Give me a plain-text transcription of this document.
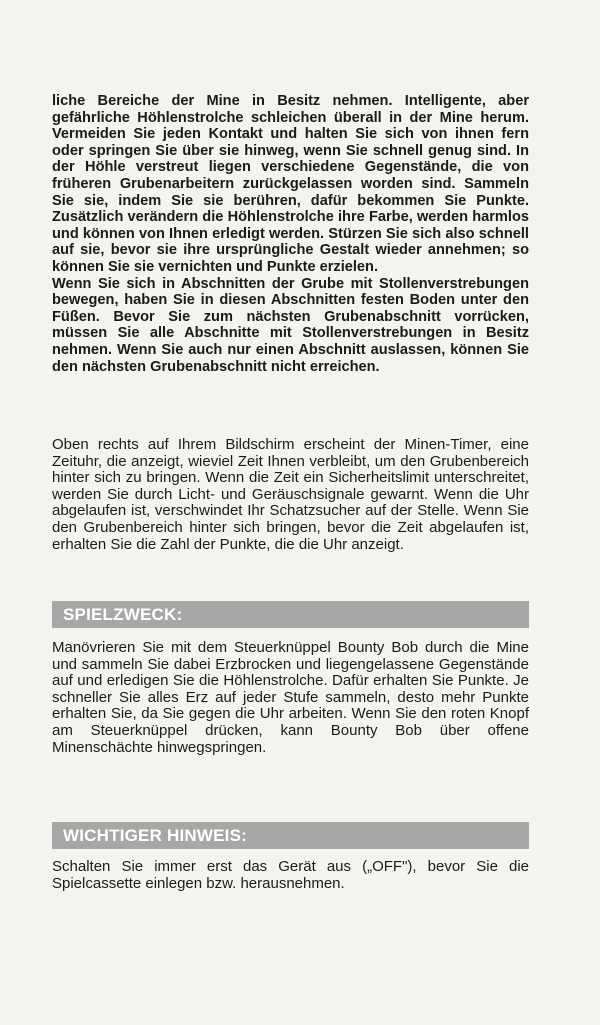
liche Bereiche der Mine in Besitz nehmen. Intelligente, aber gefährliche Höhlenstrolche schleichen überall in der Mine herum. Vermeiden Sie jeden Kontakt und halten Sie sich von ihnen fern oder springen Sie über sie hinweg, wenn Sie schnell genug sind. In der Höhle verstreut liegen verschiedene Gegenstände, die von früheren Grubenarbeitern zurückgelassen worden sind. Sammeln Sie sie, indem Sie sie berühren, dafür bekommen Sie Punkte. Zusätzlich verändern die Höhlenstrolche ihre Farbe, werden harmlos und können von Ihnen erledigt werden. Stürzen Sie sich also schnell auf sie, bevor sie ihre ursprüngliche Gestalt wieder annehmen; so können Sie sie vernichten und Punkte erzielen.

Wenn Sie sich in Abschnitten der Grube mit Stollenverstrebungen bewegen, haben Sie in diesen Abschnitten festen Boden unter den Füßen. Bevor Sie zum nächsten Grubenabschnitt vorrücken, müssen Sie alle Abschnitte mit Stollenverstrebungen in Besitz nehmen. Wenn Sie auch nur einen Abschnitt auslassen, können Sie den nächsten Grubenabschnitt nicht erreichen.

Oben rechts auf Ihrem Bildschirm erscheint der Minen-Timer, eine Zeituhr, die anzeigt, wieviel Zeit Ihnen verbleibt, um den Grubenbereich hinter sich zu bringen. Wenn die Zeit ein Sicherheitslimit unterschreitet, werden Sie durch Licht- und Geräuschsignale gewarnt. Wenn die Uhr abgelaufen ist, verschwindet Ihr Schatzsucher auf der Stelle. Wenn Sie den Grubenbereich hinter sich bringen, bevor die Zeit abgelaufen ist, erhalten Sie die Zahl der Punkte, die die Uhr anzeigt.

SPIELZWECK:

Manövrieren Sie mit dem Steuerknüppel Bounty Bob durch die Mine und sammeln Sie dabei Erzbrocken und liegengelassene Gegenstände auf und erledigen Sie die Höhlenstrolche. Dafür erhalten Sie Punkte. Je schneller Sie alles Erz auf jeder Stufe sammeln, desto mehr Punkte erhalten Sie, da Sie gegen die Uhr arbeiten. Wenn Sie den roten Knopf am Steuerknüppel drücken, kann Bounty Bob über offene Minenschächte hinwegspringen.

WICHTIGER HINWEIS:

Schalten Sie immer erst das Gerät aus („OFF"), bevor Sie die Spielcassette einlegen bzw. herausnehmen.
